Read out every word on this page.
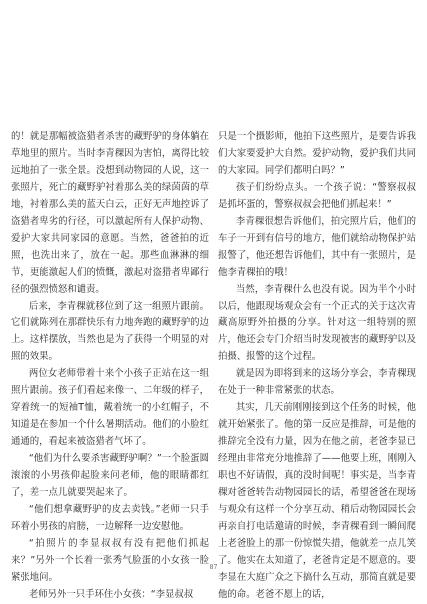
的！就是那幅被盗猎者杀害的藏野驴的身体躺在草地里的照片。当时李青稞因为害怕，离得比较远地拍了一张全景。没想到动物园的人说，这一张照片，死亡的藏野驴衬着那么美的绿茵茵的草地，衬着那么美的蓝天白云，正好无声地控诉了盗猎者卑劣的行径，可以激起所有人保护动物、爱护大家共同家园的意愿。当然，爸爸拍的近照，也洗出来了，放在一起。那些血淋淋的细节，更能激起人们的愤慨，激起对盗猎者卑鄙行径的强烈愤怒和谴责。

后来，李青稞就移位到了这一组照片跟前。它们就陈列在那群快乐有力地奔跑的藏野驴的边上。这样摆放，当然也是为了获得一个明显的对照的效果。

两位女老师带着十来个小孩子正站在这一组照片跟前。孩子们看起来像一、二年级的样子，穿着统一的短袖T恤，戴着统一的小红帽子，不知道是在参加一个什么暑期活动。他们的小脸红通通的，看起来被盗猎者气坏了。

“他们为什么要杀害藏野驴啊？”一个脸蛋圆滚滚的小男孩仰起脸来问老师，他的眼睛都红了，差一点儿就要哭起来了。

“他们想拿藏野驴的皮去卖钱。”老师一只手环着小男孩的肩膀，一边解释一边安慰他。

“拍照片的李显叔叔有没有把他们抓起来？”另外一个长着一张秀气脸蛋的小女孩一脸紧张地问。

老师另外一只手环住小女孩：“李显叔叔

只是一个摄影师，他拍下这些照片，是要告诉我们大家要爱护大自然。爱护动物，爱护我们共同的大家园。同学们都明白吗？”

孩子们纷纷点头。一个孩子说：“警察叔叔是抓坏蛋的，警察叔叔会把他们抓起来！”

李青稞很想告诉他们，拍完照片后，他们的车子一开到有信号的地方，他们就给动物保护站报警了，他还想告诉他们，其中有一张照片，是他李青稞拍的哦！

当然，李青稞什么也没有说。因为半个小时以后，他跟现场观众会有一个正式的关于这次青藏高原野外拍摄的分享。针对这一组特别的照片，他还会专门介绍当时发现被害的藏野驴以及拍摄、报警的这个过程。

就是因为即将到来的这场分享会，李青稞现在处于一种非常紧张的状态。

其实，几天前刚刚接到这个任务的时候，他就开始紧张了。他的第一反应是推辞，可是他的推辞完全没有力量，因为在他之前，老爸李显已经理由非常充分地推辞了——他要上班，刚刚入职也不好请假，真的没时间呢！事实是，当李青稞对爸爸转告动物园园长的话，希望爸爸在现场与观众有这样一个分享互动、稍后动物园园长会再亲自打电话邀请的时候，李青稞看到一瞬间爬上老爸脸上的那一份惊慌失措，他就差一点儿笑了。他实在太知道了，老爸肯定是不愿意的。要李显在大庭广众之下搞什么互动，那简直就是要他的命。老爸不愿上的话，

87
